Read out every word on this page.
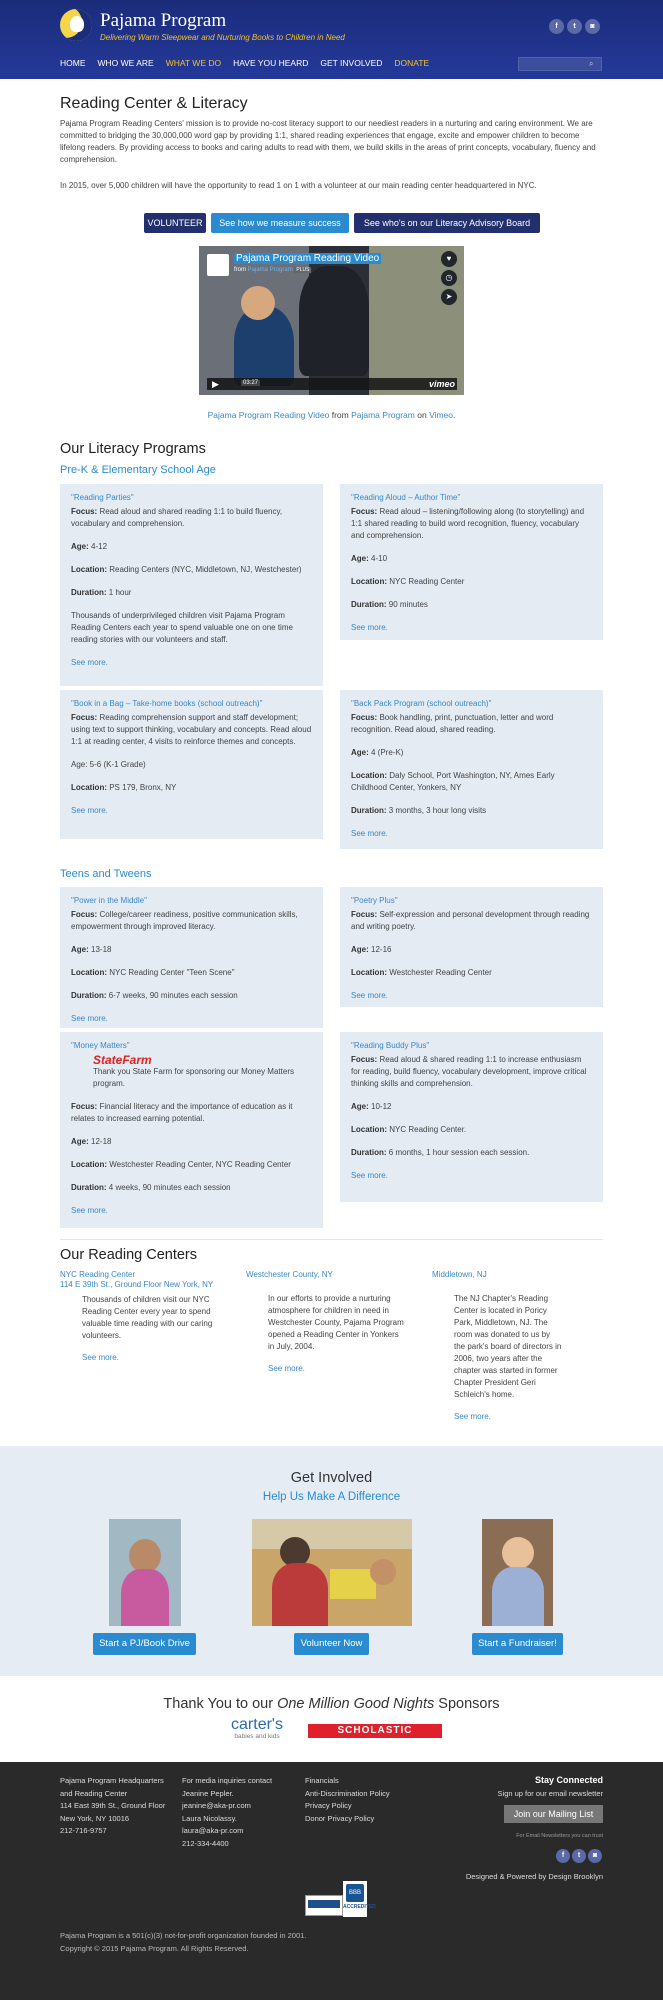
Pajama Program
Delivering Warm Sleepwear and Nurturing Books to Children in Need
f	t	◙
HOME WHO WE ARE WHAT WE DO HAVE YOU HEARD GET INVOLVED DONATE	⌕
Reading Center & Literacy

Pajama Program Reading Centers' mission is to provide no-cost literacy support to our neediest readers in a nurturing and caring environment. We are committed to bridging the 30,000,000 word gap by providing 1:1, shared reading experiences that engage, excite and empower children to become lifelong readers. By providing access to books and caring adults to read with them, we build skills in the areas of print concepts, vocabulary, fluency and comprehension.

In 2015, over 5,000 children will have the opportunity to read 1 on 1 with a volunteer at our main reading center headquartered in NYC.

VOLUNTEER	See how we measure success	See who's on our Literacy Advisory Board
Pajama Program Reading Video
from Pajama Program PLUS
♥
◷
➤
▶	03:27	vimeo
Pajama Program Reading Video from Pajama Program on Vimeo.
Our Literacy Programs
Pre-K & Elementary School Age
"Reading Parties"

Focus: Read aloud and shared reading 1:1 to build fluency, vocabulary and comprehension.

Age: 4-12

Location: Reading Centers (NYC, Middletown, NJ, Westchester)

Duration: 1 hour

Thousands of underprivileged children visit Pajama Program Reading Centers each year to spend valuable one on one time reading stories with our volunteers and staff.

See more.
"Reading Aloud – Author Time"

Focus: Read aloud – listening/following along (to storytelling) and 1:1 shared reading to build word recognition, fluency, vocabulary and comprehension.

Age: 4-10

Location: NYC Reading Center

Duration: 90 minutes

See more.
"Book in a Bag – Take-home books (school outreach)"

Focus: Reading comprehension support and staff development; using text to support thinking, vocabulary and concepts. Read aloud 1:1 at reading center, 4 visits to reinforce themes and concepts.

Age: 5-6 (K-1 Grade)

Location: PS 179, Bronx, NY

See more.
"Back Pack Program (school outreach)"

Focus: Book handling, print, punctuation, letter and word recognition. Read aloud, shared reading.

Age: 4 (Pre-K)

Location: Daly School, Port Washington, NY, Ames Early Childhood Center, Yonkers, NY

Duration: 3 months, 3 hour long visits

See more.
Teens and Tweens
"Power in the Middle"

Focus: College/career readiness, positive communication skills, empowerment through improved literacy.

Age: 13-18

Location: NYC Reading Center "Teen Scene"

Duration: 6-7 weeks, 90 minutes each session

See more.
"Poetry Plus"

Focus: Self-expression and personal development through reading and writing poetry.

Age: 12-16

Location: Westchester Reading Center

See more.
"Money Matters"
StateFarm

Thank you State Farm for sponsoring our Money Matters program.

Focus: Financial literacy and the importance of education as it relates to increased earning potential.

Age: 12-18

Location: Westchester Reading Center, NYC Reading Center

Duration: 4 weeks, 90 minutes each session

See more.
"Reading Buddy Plus"

Focus: Read aloud & shared reading 1:1 to increase enthusiasm for reading, build fluency, vocabulary development, improve critical thinking skills and comprehension.

Age: 10-12

Location: NYC Reading Center.

Duration: 6 months, 1 hour session each session.

See more.
Our Reading Centers
NYC Reading Center
114 E 39th St., Ground Floor New York, NY
Thousands of children visit our NYC Reading Center every year to spend valuable time reading with our caring volunteers.
See more.
Westchester County, NY
In our efforts to provide a nurturing atmosphere for children in need in Westchester County, Pajama Program opened a Reading Center in Yonkers in July, 2004.
See more.
Middletown, NJ
The NJ Chapter's Reading Center is located in Poricy Park, Middletown, NJ. The room was donated to us by the park's board of directors in 2006, two years after the chapter was started in former Chapter President Geri Schleich's home.
See more.
Get Involved
Help Us Make A Difference
Start a PJ/Book Drive	Volunteer Now	Start a Fundraiser!
Thank You to our One Million Good Nights Sponsors
carter's
babies and kids
SCHOLASTIC
Pajama Program Headquarters
and Reading Center
114 East 39th St., Ground Floor
New York, NY 10016
212-716-9757
For media inquiries contact
Jeanine Pepler.
jeanine@aka-pr.com
Laura Nicolassy.
laura@aka-pr.com
212-334-4400
Financials
Anti-Discrimination Policy
Privacy Policy
Donor Privacy Policy
Stay Connected
Sign up for our email newsletter
Join our Mailing List
For Email Newsletters you can trust
f	t	◙
Designed & Powered by Design Brooklyn
BBB
ACCREDITED
Pajama Program is a 501(c)(3) not-for-profit organization founded in 2001.
Copyright © 2015 Pajama Program. All Rights Reserved.
